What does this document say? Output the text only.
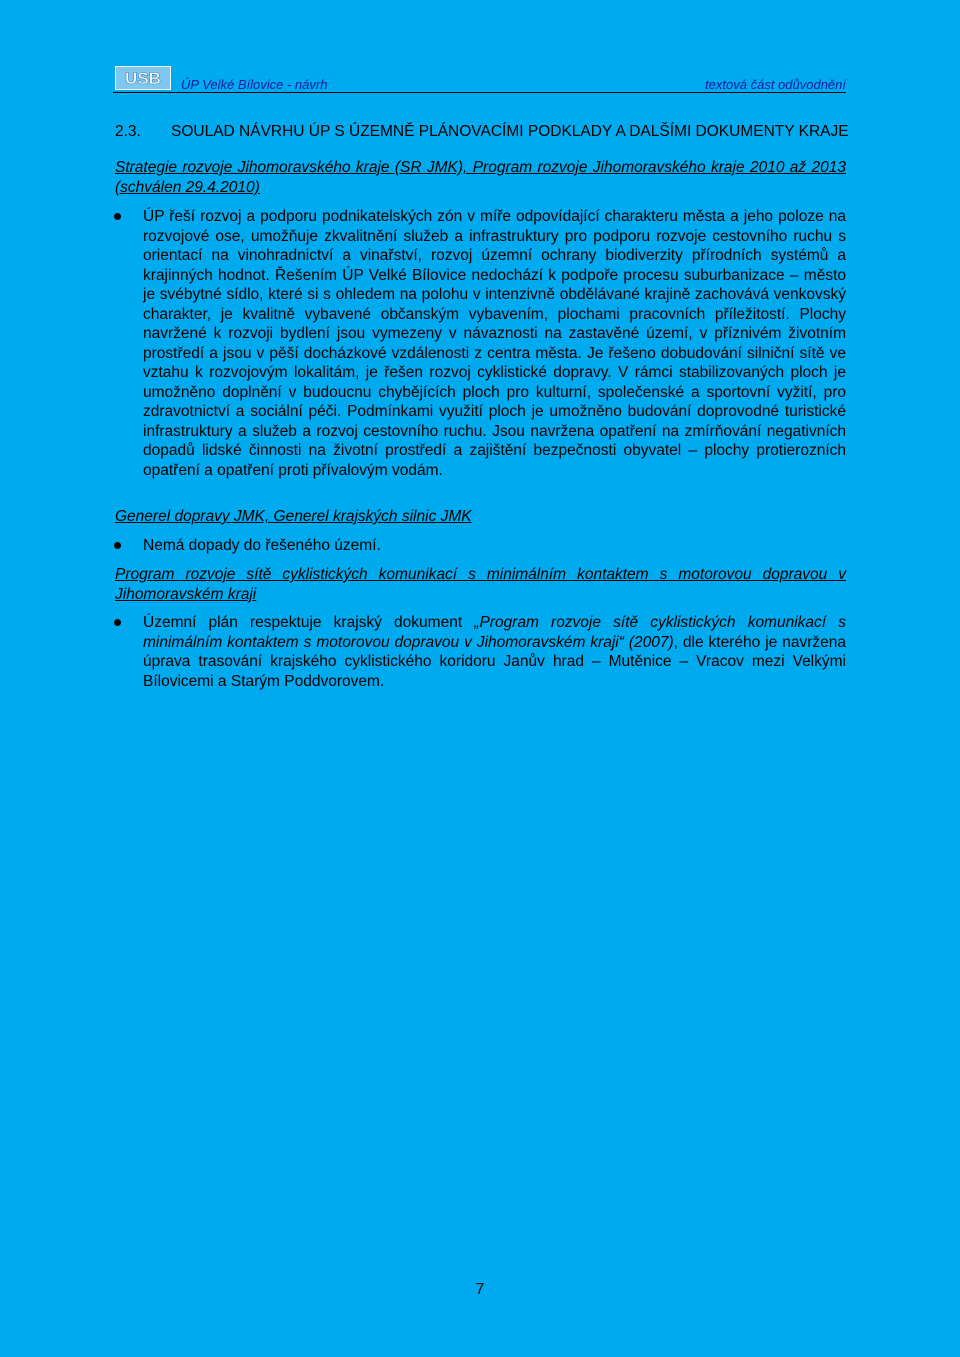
USB ÚP Velké Bílovice - návrh	textová část odůvodnění
2.3. SOULAD NÁVRHU ÚP S ÚZEMNĚ PLÁNOVACÍMI PODKLADY A DALŠÍMI DOKUMENTY KRAJE
Strategie rozvoje Jihomoravského kraje (SR JMK), Program rozvoje Jihomoravského kraje 2010 až 2013 (schválen 29.4.2010)

ÚP řeší rozvoj a podporu podnikatelských zón v míře odpovídající charakteru města a jeho poloze na rozvojové ose, umožňuje zkvalitnění služeb a infrastruktury pro podporu rozvoje cestovního ruchu s orientací na vinohradnictví a vinařství, rozvoj územní ochrany biodiverzity přírodních systémů a krajinných hodnot. Řešením ÚP Velké Bílovice nedochází k podpoře procesu suburbanizace – město je svébytné sídlo, které si s ohledem na polohu v intenzivně obdělávané krajině zachovává venkovský charakter, je kvalitně vybavené občanským vybavením, plochami pracovních příležitostí. Plochy navržené k rozvoji bydlení jsou vymezeny v návaznosti na zastavěné území, v příznivém životním prostředí a jsou v pěší docházkové vzdálenosti z centra města. Je řešeno dobudování silniční sítě ve vztahu k rozvojovým lokalitám, je řešen rozvoj cyklistické dopravy. V rámci stabilizovaných ploch je umožněno doplnění v budoucnu chybějících ploch pro kulturní, společenské a sportovní vyžití, pro zdravotnictví a sociální péči. Podmínkami využití ploch je umožněno budování doprovodné turistické infrastruktury a služeb a rozvoj cestovního ruchu. Jsou navržena opatření na zmírňování negativních dopadů lidské činnosti na životní prostředí a zajištění bezpečnosti obyvatel – plochy protierozních opatření a opatření proti přívalovým vodám.

Generel dopravy JMK, Generel krajských silnic JMK

Nemá dopady do řešeného území.

Program rozvoje sítě cyklistických komunikací s minimálním kontaktem s motorovou dopravou v Jihomoravském kraji

Územní plán respektuje krajský dokument „Program rozvoje sítě cyklistických komunikací s minimálním kontaktem s motorovou dopravou v Jihomoravském kraji“ (2007), dle kterého je navržena úprava trasování krajského cyklistického koridoru Janův hrad – Mutěnice – Vracov mezi Velkými Bílovicemi a Starým Poddvorovem.

7
